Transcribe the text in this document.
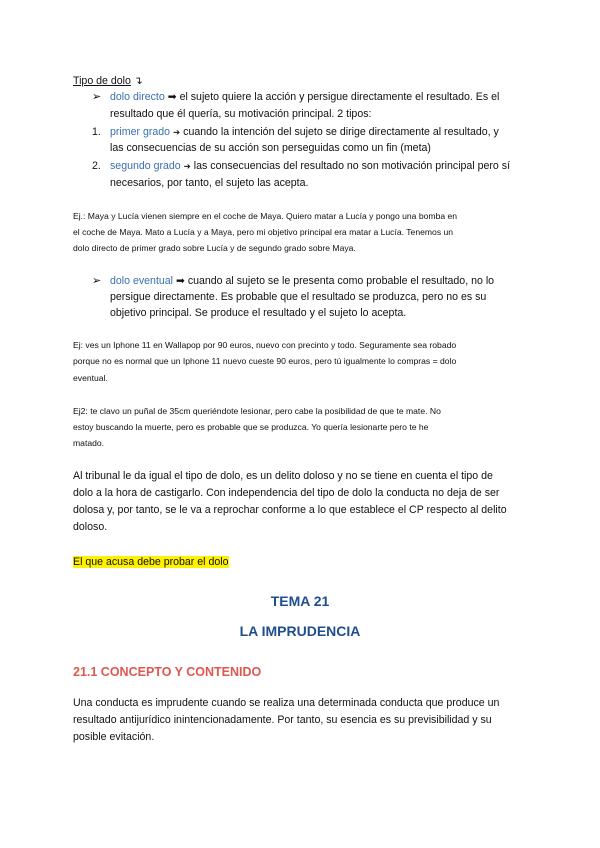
Tipo de dolo ↴
➢ dolo directo ➡ el sujeto quiere la acción y persigue directamente el resultado. Es el
resultado que él quería, su motivación principal. 2 tipos:
1. primer grado ➔ cuando la intención del sujeto se dirige directamente al resultado, y
las consecuencias de su acción son perseguidas como un fin (meta)
2. segundo grado ➔ las consecuencias del resultado no son motivación principal pero sí
necesarios, por tanto, el sujeto las acepta.
Ej.: Maya y Lucía vienen siempre en el coche de Maya. Quiero matar a Lucía y pongo una bomba en
el coche de Maya. Mato a Lucía y a Maya, pero mi objetivo principal era matar a Lucía. Tenemos un
dolo directo de primer grado sobre Lucía y de segundo grado sobre Maya.
➢ dolo eventual ➡ cuando al sujeto se le presenta como probable el resultado, no lo
persigue directamente. Es probable que el resultado se produzca, pero no es su
objetivo principal. Se produce el resultado y el sujeto lo acepta.
Ej: ves un Iphone 11 en Wallapop por 90 euros, nuevo con precinto y todo. Seguramente sea robado
porque no es normal que un Iphone 11 nuevo cueste 90 euros, pero tú igualmente lo compras = dolo
eventual.
Ej2: te clavo un puñal de 35cm queriéndote lesionar, pero cabe la posibilidad de que te mate. No
estoy buscando la muerte, pero es probable que se produzca. Yo quería lesionarte pero te he
matado.
Al tribunal le da igual el tipo de dolo, es un delito doloso y no se tiene en cuenta el tipo de
dolo a la hora de castigarlo. Con independencia del tipo de dolo la conducta no deja de ser
dolosa y, por tanto, se le va a reprochar conforme a lo que establece el CP respecto al delito
doloso.
El que acusa debe probar el dolo
TEMA 21
LA IMPRUDENCIA
21.1 CONCEPTO Y CONTENIDO
Una conducta es imprudente cuando se realiza una determinada conducta que produce un
resultado antijurídico inintencionadamente. Por tanto, su esencia es su previsibilidad y su
posible evitación.
